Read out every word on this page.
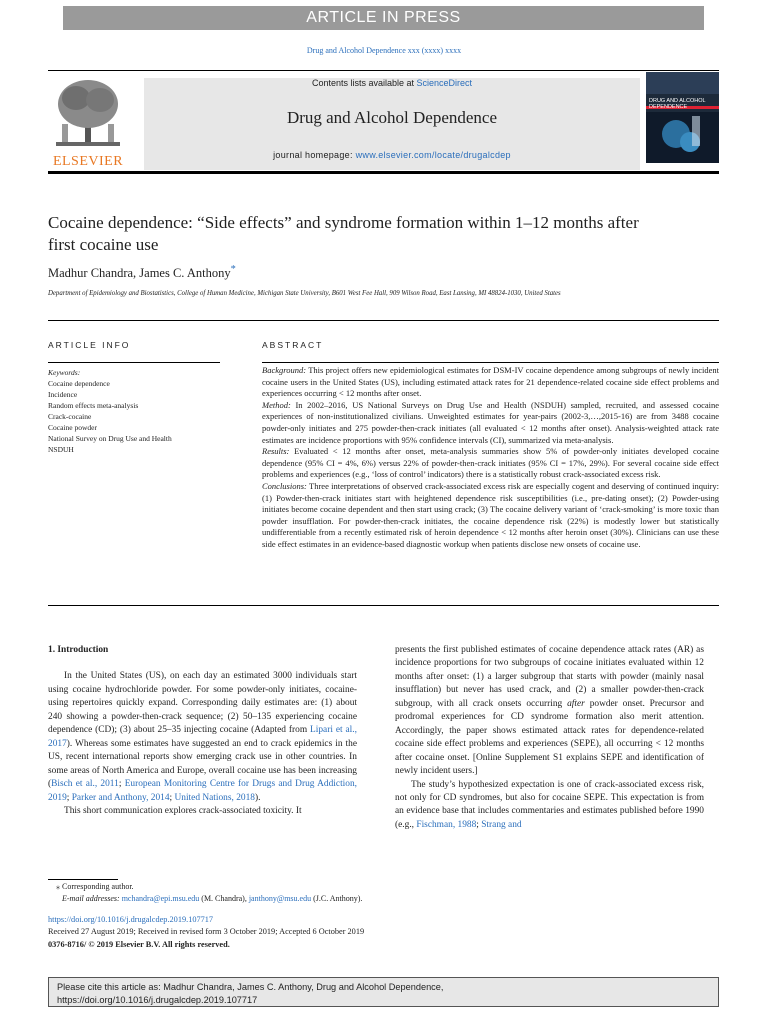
ARTICLE IN PRESS
Drug and Alcohol Dependence xxx (xxxx) xxxx
ELSEVIER
Contents lists available at ScienceDirect
Drug and Alcohol Dependence
journal homepage: www.elsevier.com/locate/drugalcdep
DRUG AND ALCOHOL
DEPENDENCE
Cocaine dependence: “Side effects” and syndrome formation within 1–12 months after first cocaine use
Madhur Chandra, James C. Anthony*
Department of Epidemiology and Biostatistics, College of Human Medicine, Michigan State University, B601 West Fee Hall, 909 Wilson Road, East Lansing, MI 48824-1030, United States
ARTICLE INFO	ABSTRACT
Keywords:
Cocaine dependence
Incidence
Random effects meta-analysis
Crack-cocaine
Cocaine powder
National Survey on Drug Use and Health
NSDUH

Background: This project offers new epidemiological estimates for DSM-IV cocaine dependence among subgroups of newly incident cocaine users in the United States (US), including estimated attack rates for 21 dependence-related cocaine side effect problems and experiences occurring < 12 months after onset.

Method: In 2002–2016, US National Surveys on Drug Use and Health (NSDUH) sampled, recruited, and assessed cocaine experiences of non-institutionalized civilians. Unweighted estimates for year-pairs (2002-3,…,2015-16) are from 3488 cocaine powder-only initiates and 275 powder-then-crack initiates (all evaluated < 12 months after onset). Analysis-weighted attack rate estimates are incidence proportions with 95% confidence intervals (CI), summarized via meta-analysis.

Results: Evaluated < 12 months after onset, meta-analysis summaries show 5% of powder-only initiates developed cocaine dependence (95% CI = 4%, 6%) versus 22% of powder-then-crack initiates (95% CI = 17%, 29%). For several cocaine side effect problems and experiences (e.g., ‘loss of control’ indicators) there is a statistically robust crack-associated excess risk.

Conclusions: Three interpretations of observed crack-associated excess risk are especially cogent and deserving of continued inquiry: (1) Powder-then-crack initiates start with heightened dependence risk susceptibilities (i.e., pre-dating onset); (2) Powder-using initiates become cocaine dependent and then start using crack; (3) The cocaine delivery variant of ‘crack-smoking’ is more toxic than powder insufflation. For powder-then-crack initiates, the cocaine dependence risk (22%) is modestly lower but statistically undifferentiable from a recently estimated risk of heroin dependence < 12 months after heroin onset (30%). Clinicians can use these side effect estimates in an evidence-based diagnostic workup when patients disclose new onsets of cocaine use.

1. Introduction

In the United States (US), on each day an estimated 3000 individuals start using cocaine hydrochloride powder. For some powder-only initiates, cocaine-using repertoires quickly expand. Corresponding daily estimates are: (1) about 240 showing a powder-then-crack sequence; (2) 50–135 experiencing cocaine dependence (CD); (3) about 25–35 injecting cocaine (Adapted from Lipari et al., 2017). Whereas some estimates have suggested an end to crack epidemics in the US, recent international reports show emerging crack use in other countries. In some areas of North America and Europe, overall cocaine use has been increasing (Bisch et al., 2011; European Monitoring Centre for Drugs and Drug Addiction, 2019; Parker and Anthony, 2014; United Nations, 2018).

This short communication explores crack-associated toxicity. It

presents the first published estimates of cocaine dependence attack rates (AR) as incidence proportions for two subgroups of cocaine initiates evaluated within 12 months after onset: (1) a larger subgroup that starts with powder (mainly nasal insufflation) but never has used crack, and (2) a smaller powder-then-crack subgroup, with all crack onsets occurring after powder onset. Precursor and prodromal experiences for CD syndrome formation also merit attention. Accordingly, the paper shows estimated attack rates for dependence-related cocaine side effect problems and experiences (SEPE), all occurring < 12 months after cocaine onset. [Online Supplement S1 explains SEPE and identification of newly incident users.]

The study’s hypothesized expectation is one of crack-associated excess risk, not only for CD syndromes, but also for cocaine SEPE. This expectation is from an evidence base that includes commentaries and estimates published before 1990 (e.g., Fischman, 1988; Strang and

⁎ Corresponding author.
E-mail addresses: mchandra@epi.msu.edu (M. Chandra), janthony@msu.edu (J.C. Anthony).
https://doi.org/10.1016/j.drugalcdep.2019.107717
Received 27 August 2019; Received in revised form 3 October 2019; Accepted 6 October 2019
0376-8716/ © 2019 Elsevier B.V. All rights reserved.
Please cite this article as: Madhur Chandra, James C. Anthony, Drug and Alcohol Dependence,
https://doi.org/10.1016/j.drugalcdep.2019.107717
